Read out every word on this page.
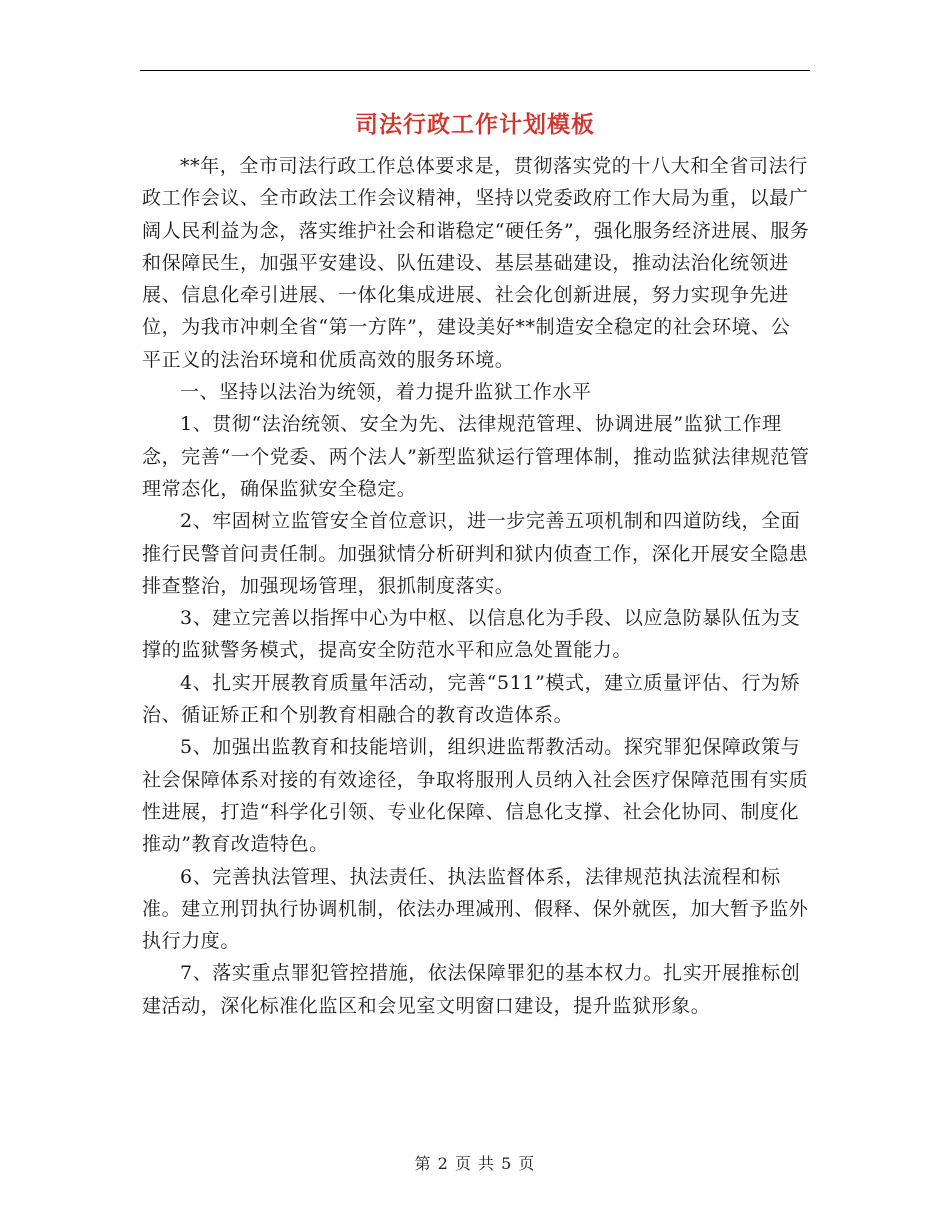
司法行政工作计划模板

**年，全市司法行政工作总体要求是，贯彻落实党的十八大和全省司法行政工作会议、全市政法工作会议精神，坚持以党委政府工作大局为重，以最广阔人民利益为念，落实维护社会和谐稳定“硬任务”，强化服务经济进展、服务和保障民生，加强平安建设、队伍建设、基层基础建设，推动法治化统领进展、信息化牵引进展、一体化集成进展、社会化创新进展，努力实现争先进位，为我市冲刺全省“第一方阵”，建设美好**制造安全稳定的社会环境、公平正义的法治环境和优质高效的服务环境。

一、坚持以法治为统领，着力提升监狱工作水平

1、贯彻“法治统领、安全为先、法律规范管理、协调进展”监狱工作理念，完善“一个党委、两个法人”新型监狱运行管理体制，推动监狱法律规范管理常态化，确保监狱安全稳定。

2、牢固树立监管安全首位意识，进一步完善五项机制和四道防线，全面推行民警首问责任制。加强狱情分析研判和狱内侦查工作，深化开展安全隐患排查整治，加强现场管理，狠抓制度落实。

3、建立完善以指挥中心为中枢、以信息化为手段、以应急防暴队伍为支撑的监狱警务模式，提高安全防范水平和应急处置能力。

4、扎实开展教育质量年活动，完善“511”模式，建立质量评估、行为矫治、循证矫正和个别教育相融合的教育改造体系。

5、加强出监教育和技能培训，组织进监帮教活动。探究罪犯保障政策与社会保障体系对接的有效途径，争取将服刑人员纳入社会医疗保障范围有实质性进展，打造“科学化引领、专业化保障、信息化支撑、社会化协同、制度化推动”教育改造特色。

6、完善执法管理、执法责任、执法监督体系，法律规范执法流程和标准。建立刑罚执行协调机制，依法办理减刑、假释、保外就医，加大暂予监外执行力度。

7、落实重点罪犯管控措施，依法保障罪犯的基本权力。扎实开展推标创建活动，深化标准化监区和会见室文明窗口建设，提升监狱形象。

第 2 页 共 5 页
